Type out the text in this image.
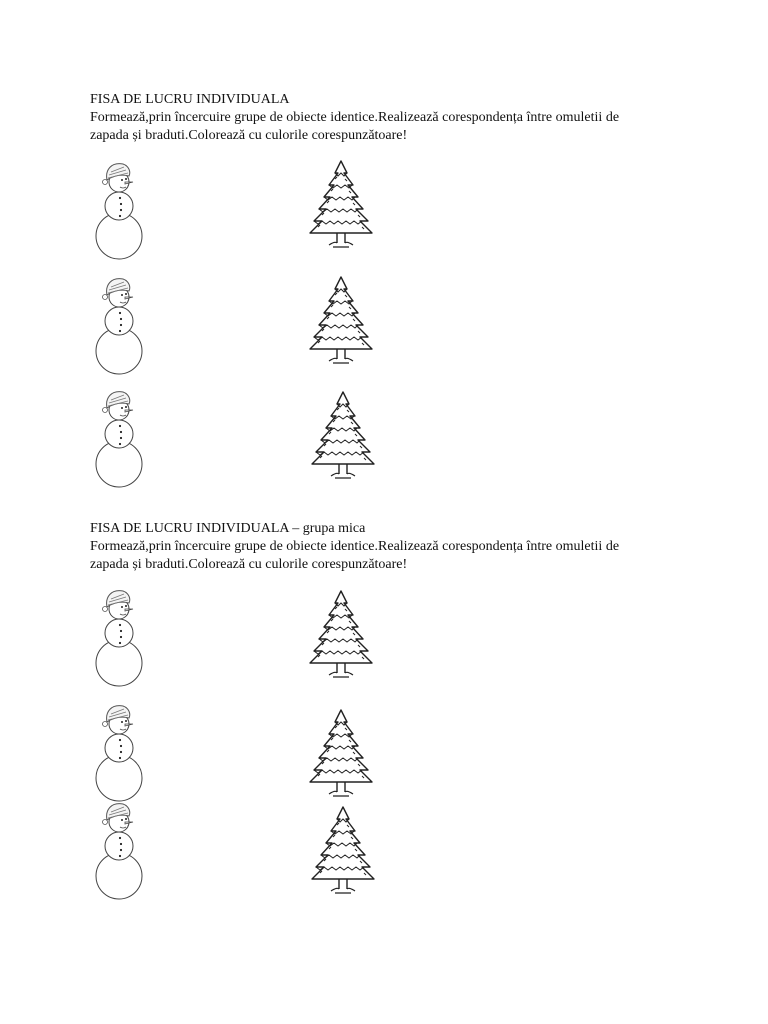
FISA DE LUCRU INDIVIDUALA
Formează,prin încercuire grupe de obiecte identice.Realizează corespondența între omuletii de
zapada și braduti.Colorează cu culorile corespunzătoare!
FISA DE LUCRU INDIVIDUALA – grupa mica
Formează,prin încercuire grupe de obiecte identice.Realizează corespondența între omuletii de
zapada și braduti.Colorează cu culorile corespunzătoare!
